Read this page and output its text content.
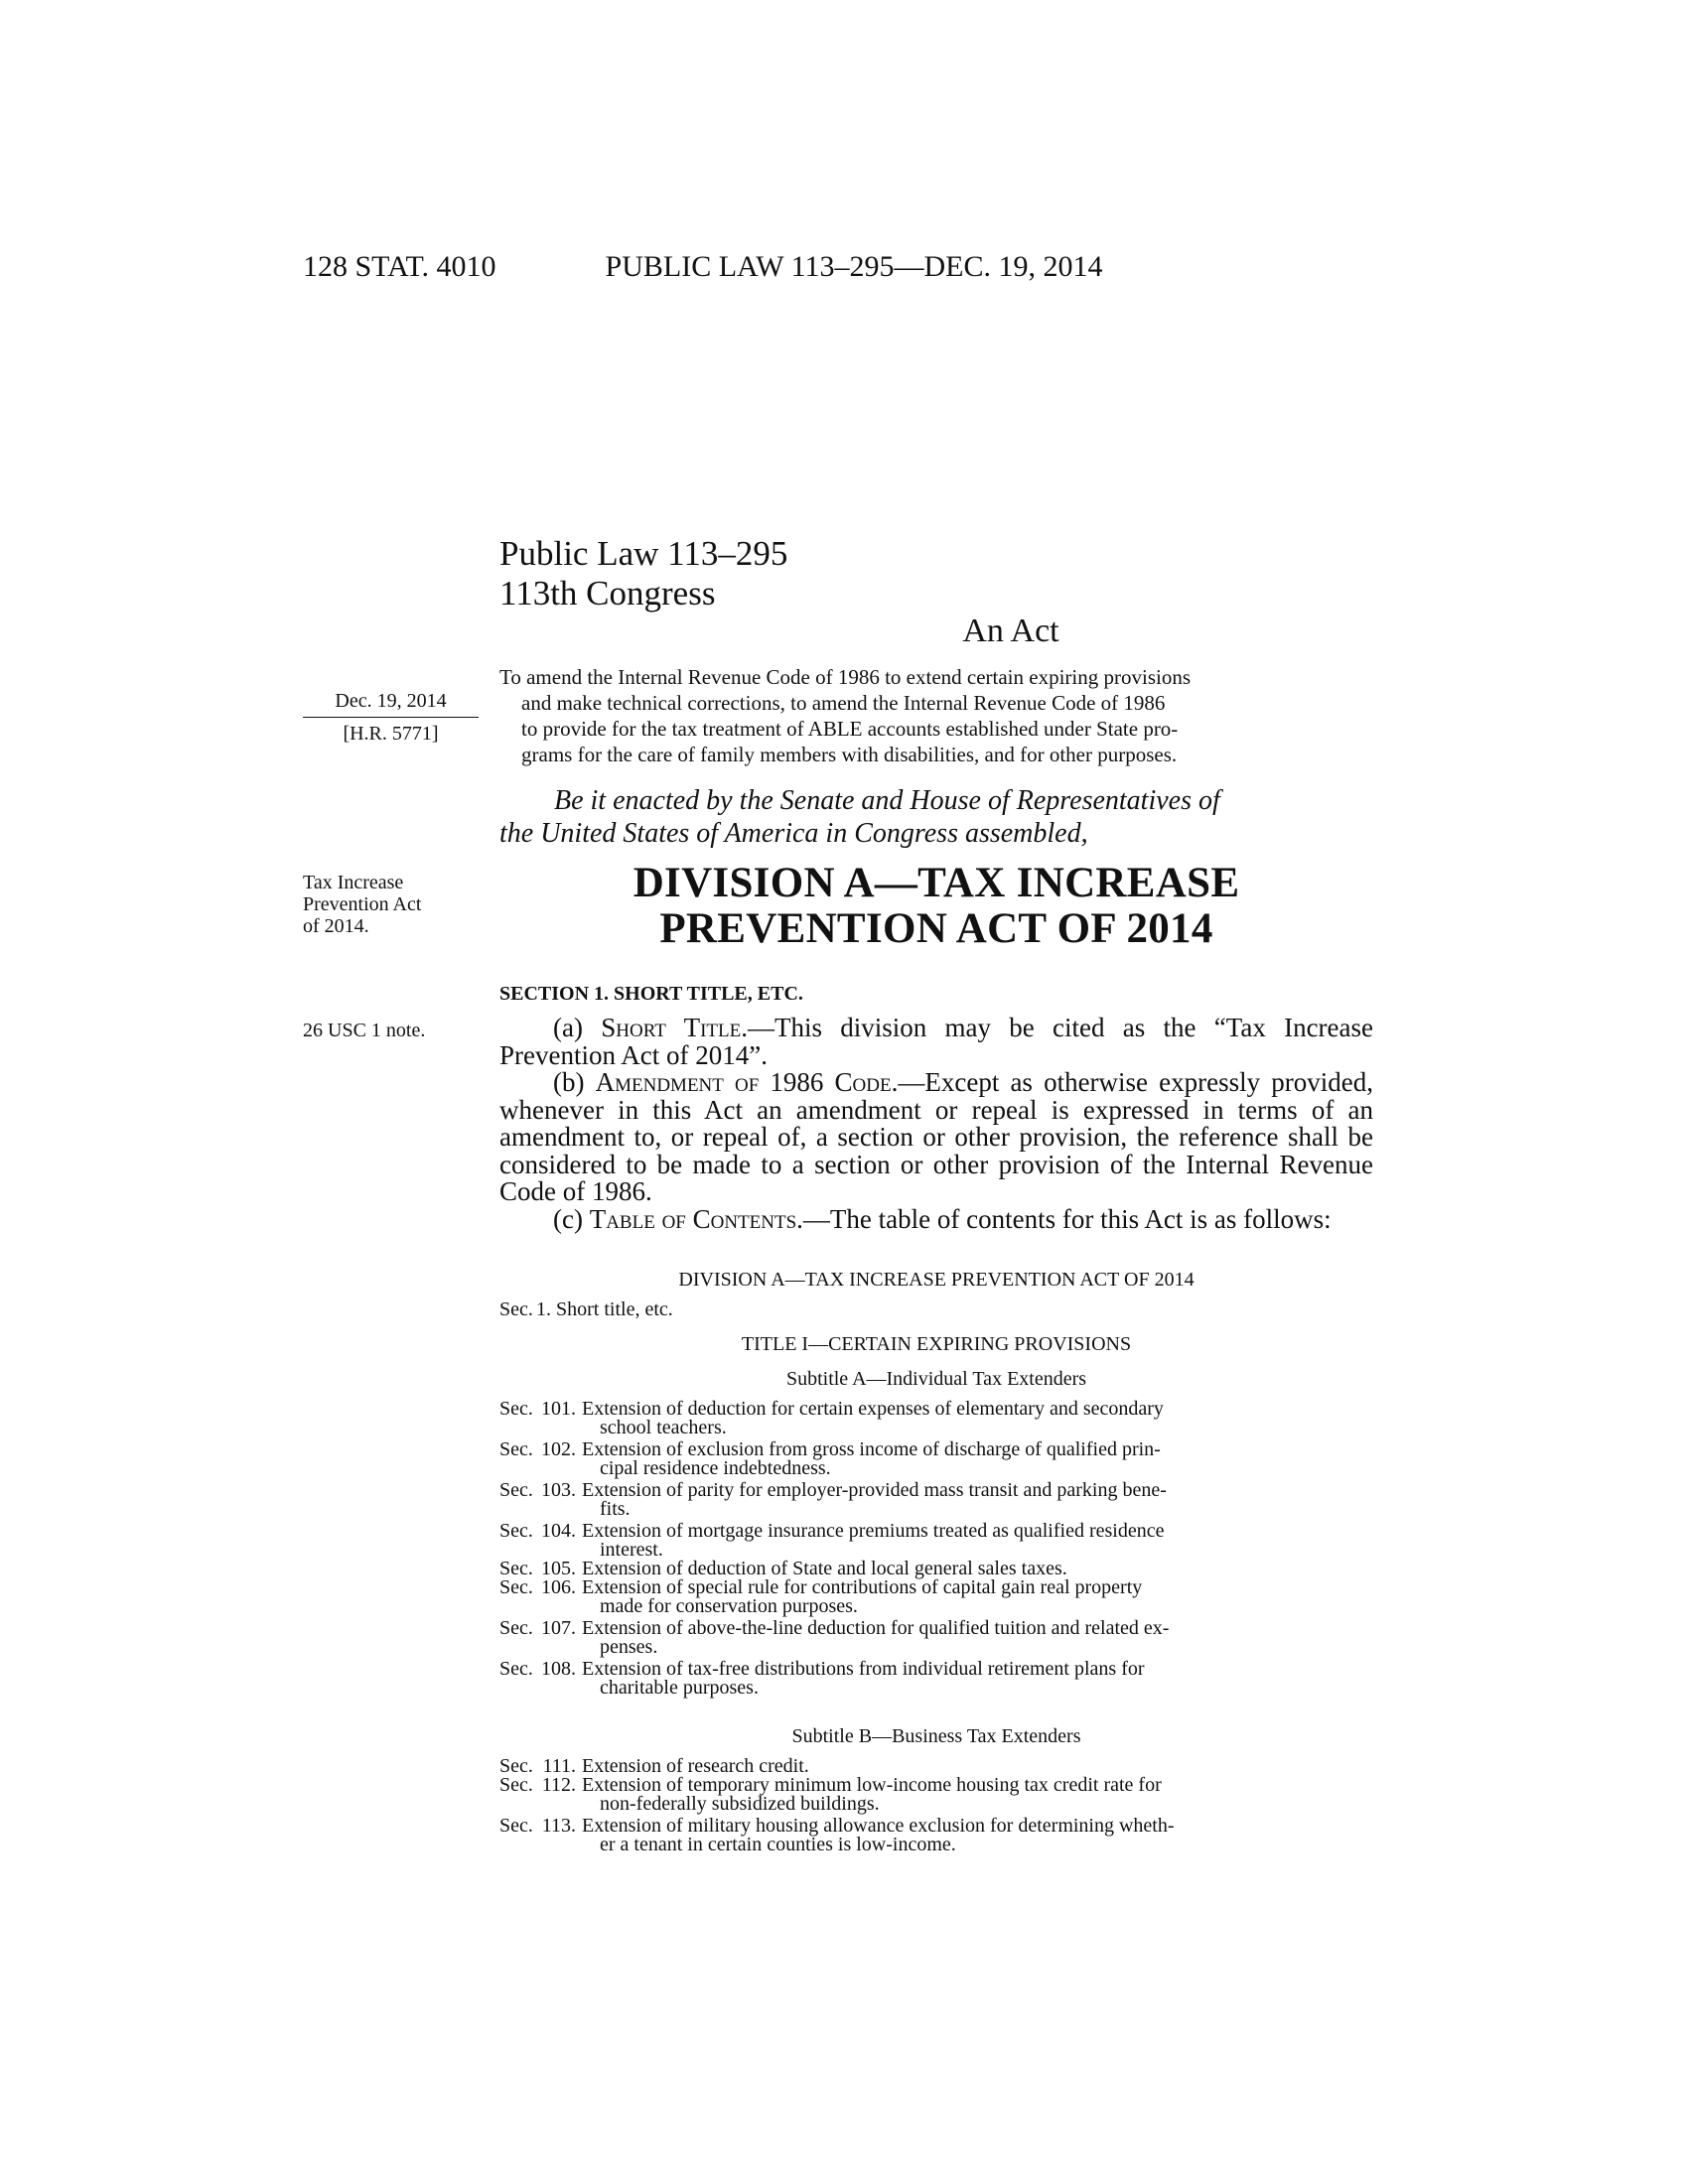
128 STAT. 4010	PUBLIC LAW 113–295—DEC. 19, 2014
Public Law 113–295
113th Congress
An Act
Dec. 19, 2014
[H.R. 5771]
To amend the Internal Revenue Code of 1986 to extend certain expiring provisions
and make technical corrections, to amend the Internal Revenue Code of 1986
to provide for the tax treatment of ABLE accounts established under State pro-
grams for the care of family members with disabilities, and for other purposes.
Be it enacted by the Senate and House of Representatives of
the United States of America in Congress assembled,
Tax Increase
Prevention Act
of 2014.
DIVISION A—TAX INCREASE
PREVENTION ACT OF 2014
SECTION 1. SHORT TITLE, ETC.
26 USC 1 note.	(a) Short Title.—This division may be cited as the “Tax Increase Prevention Act of 2014”.

(b) Amendment of 1986 Code.—Except as otherwise expressly provided, whenever in this Act an amendment or repeal is expressed in terms of an amendment to, or repeal of, a section or other provision, the reference shall be considered to be made to a section or other provision of the Internal Revenue Code of 1986.

(c) Table of Contents.—The table of contents for this Act is as follows:

DIVISION A—TAX INCREASE PREVENTION ACT OF 2014
Sec. 1. Short title, etc.
TITLE I—CERTAIN EXPIRING PROVISIONS
Subtitle A—Individual Tax Extenders
Sec. 101. Extension of deduction for certain expenses of elementary and secondary
school teachers.
Sec. 102. Extension of exclusion from gross income of discharge of qualified prin-
cipal residence indebtedness.
Sec. 103. Extension of parity for employer-provided mass transit and parking bene-
fits.
Sec. 104. Extension of mortgage insurance premiums treated as qualified residence
interest.
Sec. 105. Extension of deduction of State and local general sales taxes.
Sec. 106. Extension of special rule for contributions of capital gain real property
made for conservation purposes.
Sec. 107. Extension of above-the-line deduction for qualified tuition and related ex-
penses.
Sec. 108. Extension of tax-free distributions from individual retirement plans for
charitable purposes.
Subtitle B—Business Tax Extenders
Sec. 111. Extension of research credit.
Sec. 112. Extension of temporary minimum low-income housing tax credit rate for
non-federally subsidized buildings.
Sec. 113. Extension of military housing allowance exclusion for determining wheth-
er a tenant in certain counties is low-income.
